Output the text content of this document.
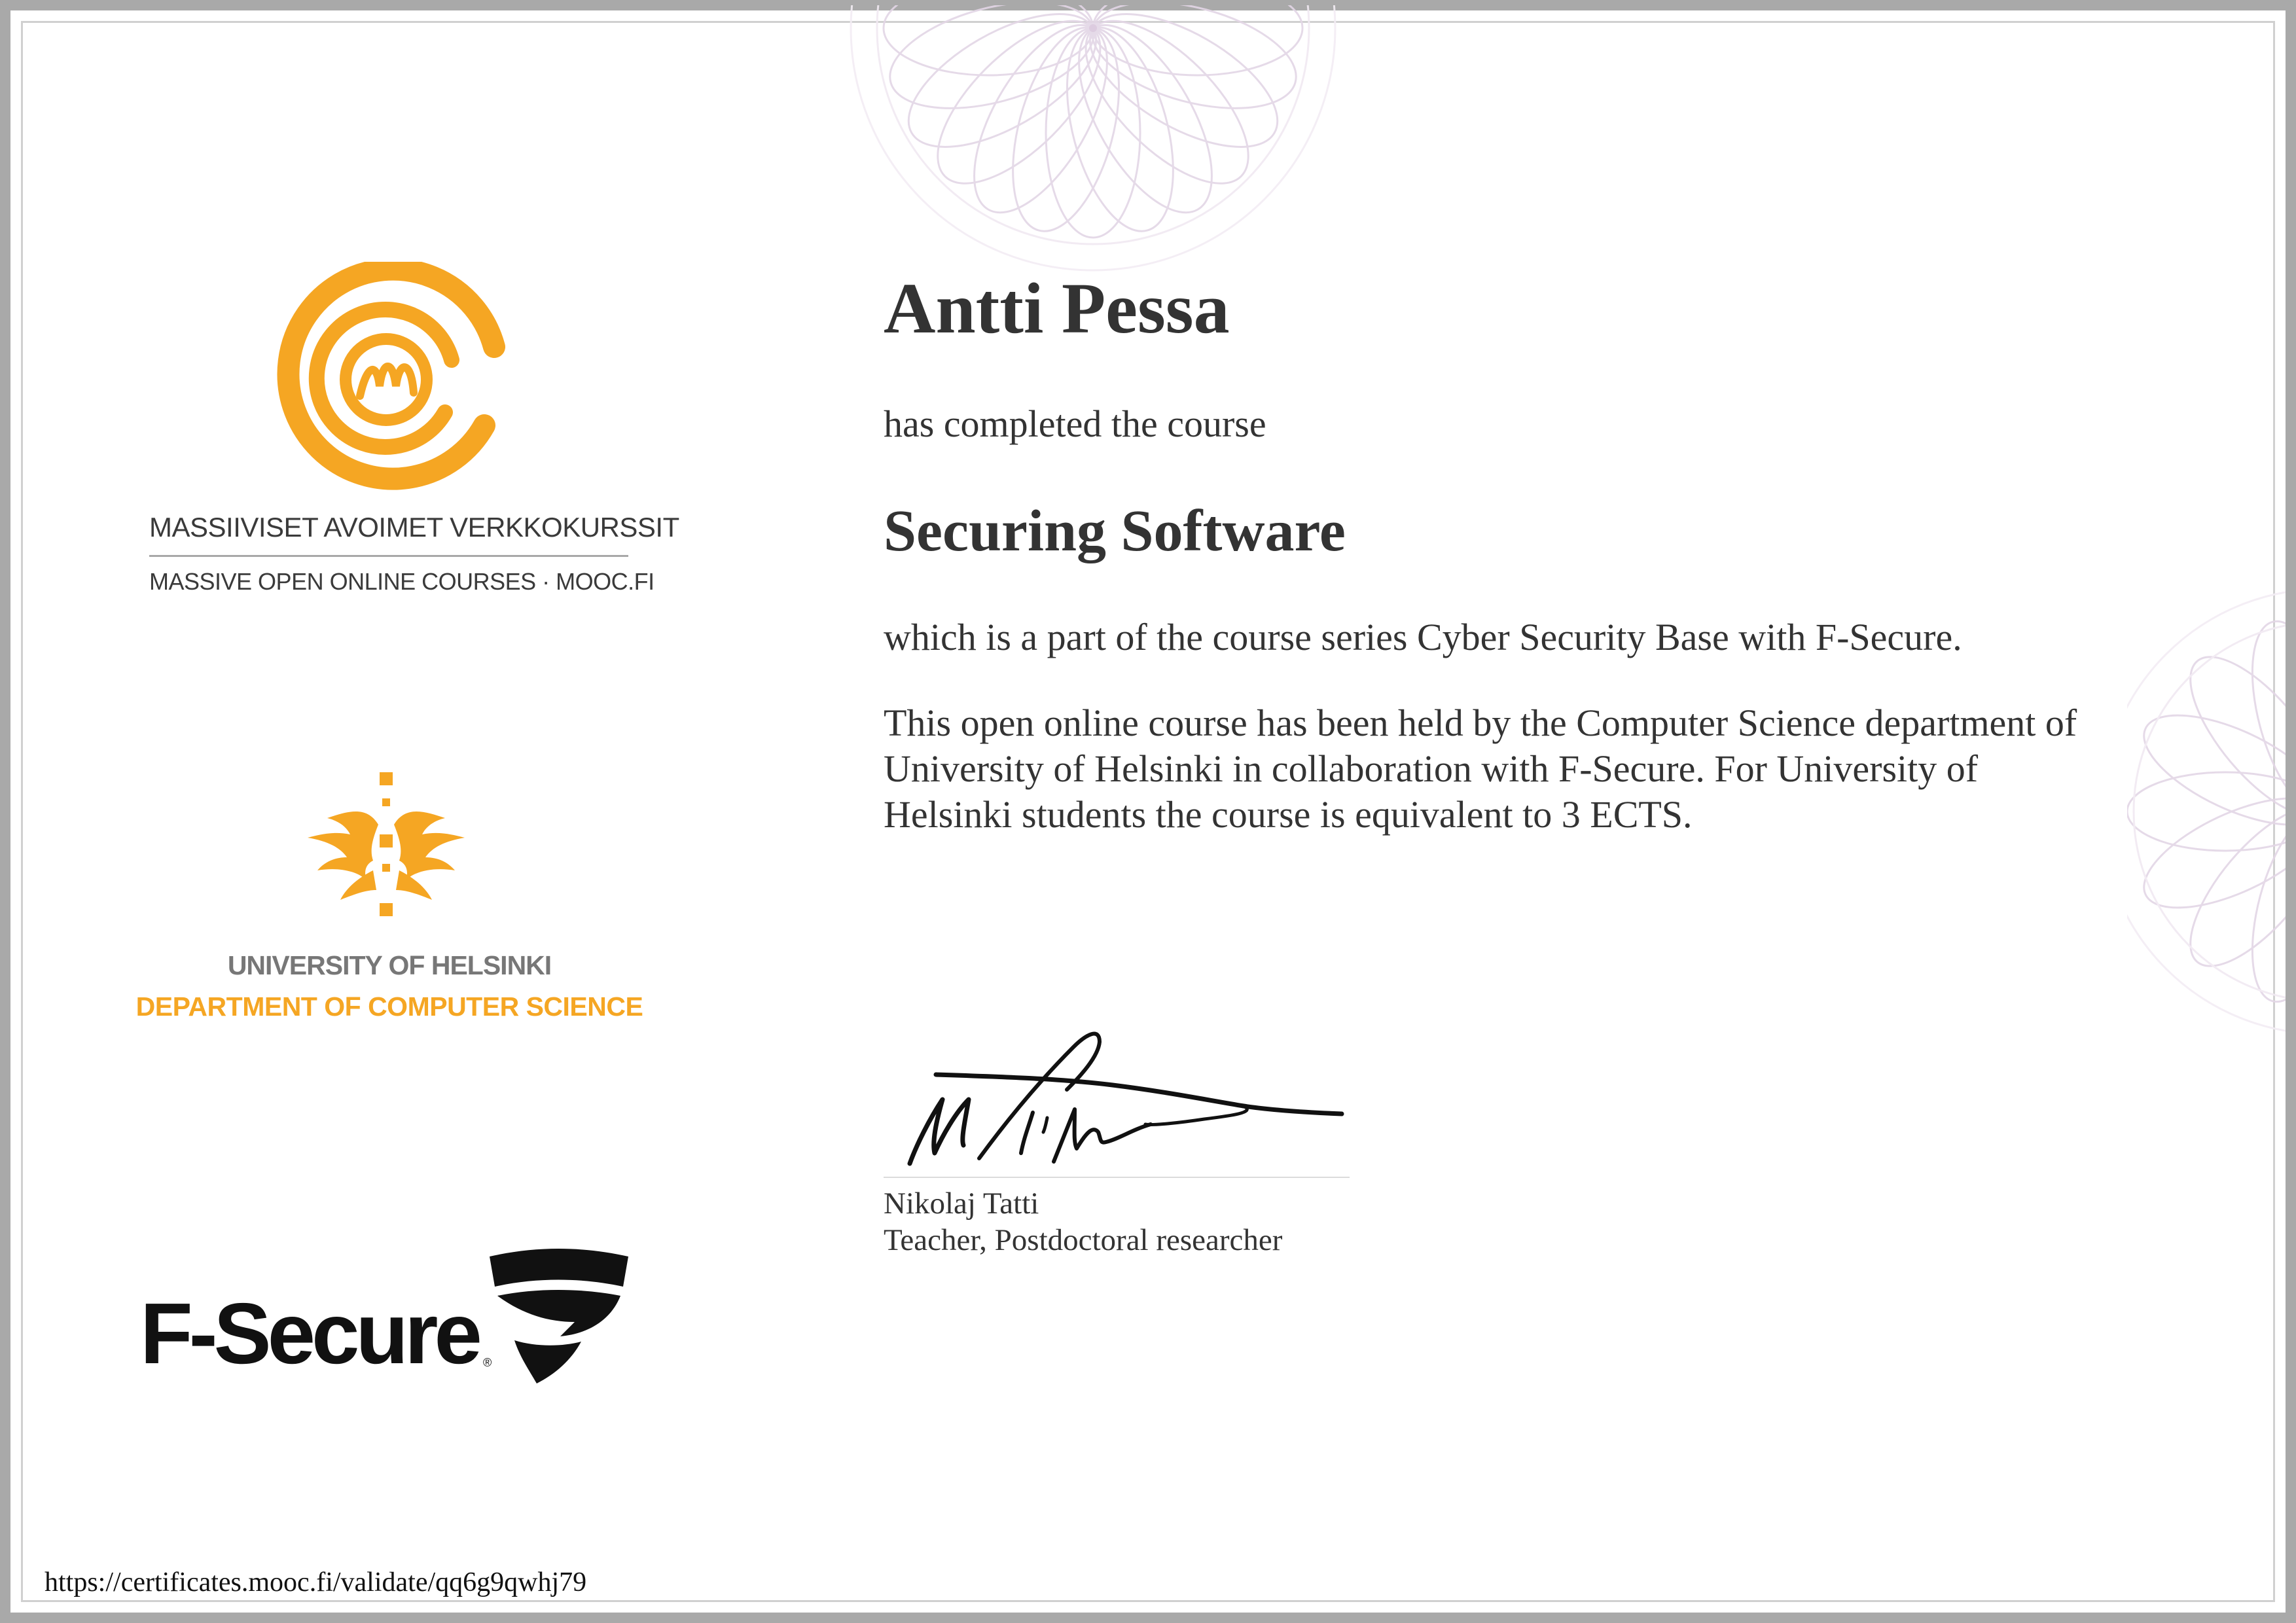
MASSIIVISET AVOIMET VERKKOKURSSIT
MASSIVE OPEN ONLINE COURSES · MOOC.FI
UNIVERSITY OF HELSINKI
DEPARTMENT OF COMPUTER SCIENCE
F-Secure ®
Antti Pessa
has completed the course
Securing Software
which is a part of the course series Cyber Security Base with F-Secure.
This open online course has been held by the Computer Science department of University of Helsinki in collaboration with F-Secure. For University of Helsinki students the course is equivalent to 3 ECTS.
Nikolaj Tatti
Teacher, Postdoctoral researcher
https://certificates.mooc.fi/validate/qq6g9qwhj79
